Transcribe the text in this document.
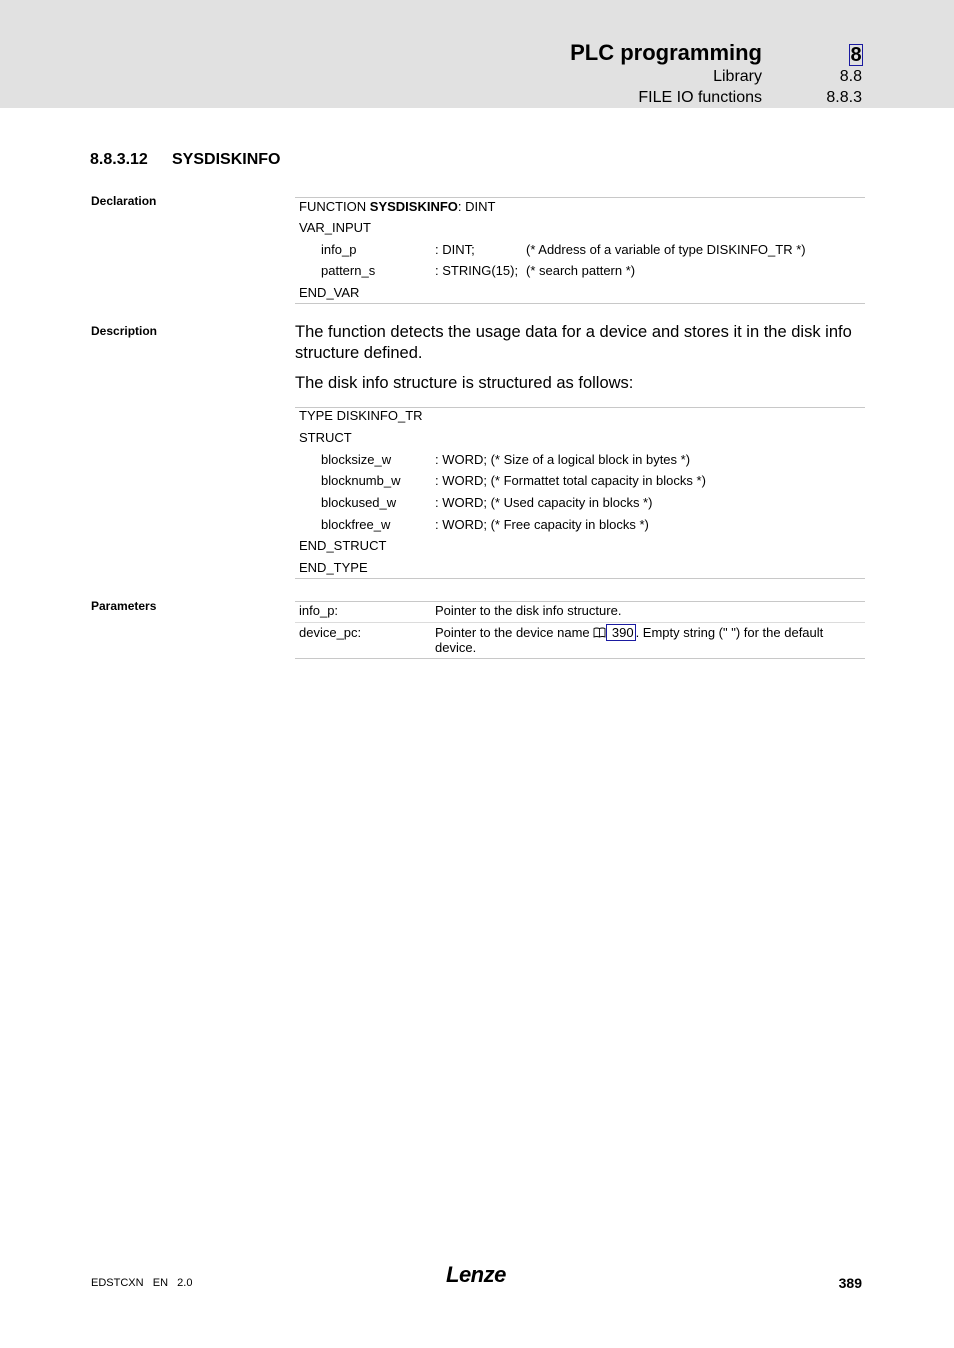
PLC programming	8
Library	8.8
FILE IO functions	8.8.3
8.8.3.12 SYSDISKINFO
Declaration	FUNCTION SYSDISKINFO: DINT
VAR_INPUT
info_p	: DINT;	(* Address of a variable of type DISKINFO_TR *)
pattern_s	: STRING(15); (* search pattern *)
END_VAR
Description	The function detects the usage data for a device and stores it in the disk info structure defined.
The disk info structure is structured as follows:
TYPE DISKINFO_TR
STRUCT
blocksize_w	: WORD; (* Size of a logical block in bytes *)
blocknumb_w	: WORD; (* Formattet total capacity in blocks *)
blockused_w	: WORD; (* Used capacity in blocks *)
blockfree_w	: WORD; (* Free capacity in blocks *)
END_STRUCT
END_TYPE
Parameters	info_p:	Pointer to the disk info structure.
device_pc:	Pointer to the device name  390 . Empty string (" ") for the default
device.
EDSTCXN   EN   2.0	Lenze	389
